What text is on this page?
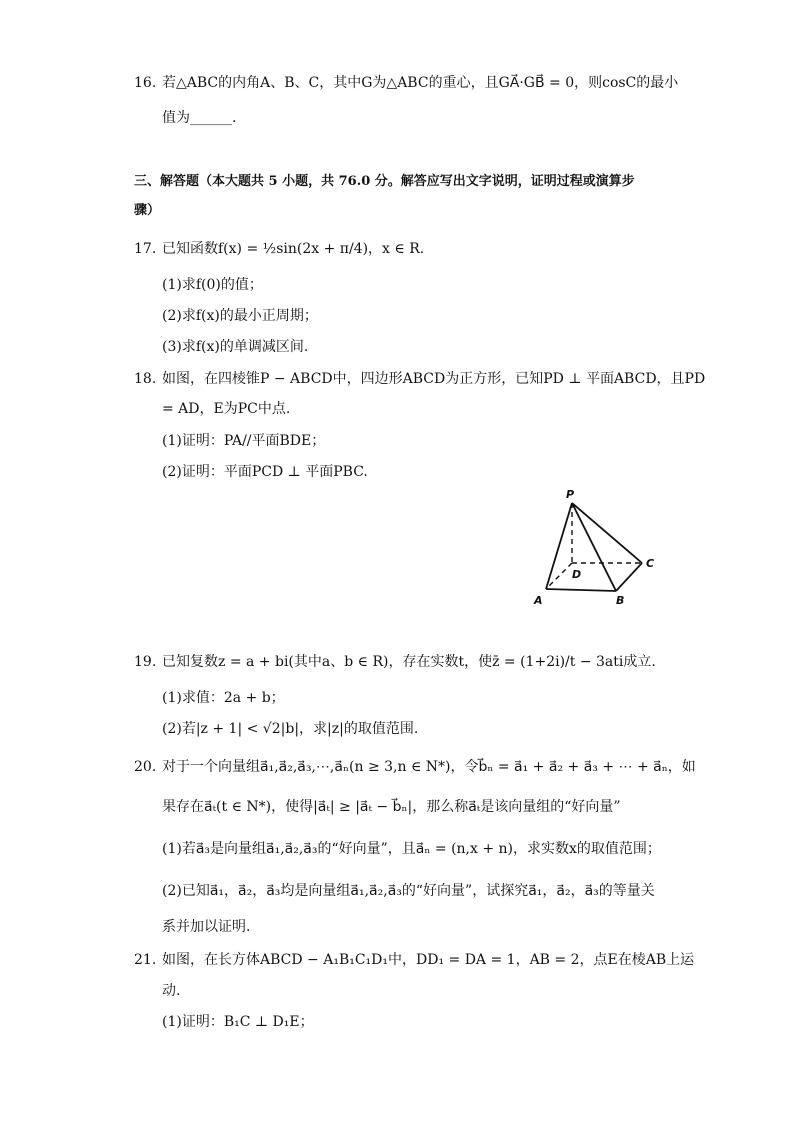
16. 若△ABC的内角A、B、C，其中G为△ABC的重心，且GA⃗·GB⃗ = 0，则cosC的最小
值为______.
三、解答题（本大题共 5 小题，共 76.0 分。解答应写出文字说明，证明过程或演算步
骤）
17. 已知函数f(x) = ½sin(2x + π/4)，x ∈ R.
(1)求f(0)的值；
(2)求f(x)的最小正周期；
(3)求f(x)的单调减区间.
18. 如图，在四棱锥P − ABCD中，四边形ABCD为正方形，已知PD ⊥ 平面ABCD，且PD
= AD，E为PC中点.
(1)证明：PA//平面BDE；
(2)证明：平面PCD ⊥ 平面PBC.
P
A	B
C
D
19. 已知复数z = a + bi(其中a、b ∈ R)，存在实数t，使z̄ = (1+2i)/t − 3ati成立.
(1)求值：2a + b；
(2)若|z + 1| < √2|b|，求|z|的取值范围.
20. 对于一个向量组a⃗₁,a⃗₂,a⃗₃,⋯,a⃗ₙ(n ≥ 3,n ∈ N*)，令b⃗ₙ = a⃗₁ + a⃗₂ + a⃗₃ + ⋯ + a⃗ₙ，如
果存在a⃗ₜ(t ∈ N*)，使得|a⃗ₜ| ≥ |a⃗ₜ − b⃗ₙ|，那么称a⃗ₜ是该向量组的“好向量”
(1)若a⃗₃是向量组a⃗₁,a⃗₂,a⃗₃的“好向量”，且a⃗ₙ = (n,x + n)，求实数x的取值范围；
(2)已知a⃗₁，a⃗₂，a⃗₃均是向量组a⃗₁,a⃗₂,a⃗₃的“好向量”，试探究a⃗₁，a⃗₂，a⃗₃的等量关
系并加以证明.
21. 如图，在长方体ABCD − A₁B₁C₁D₁中，DD₁ = DA = 1，AB = 2，点E在棱AB上运
动.
(1)证明：B₁C ⊥ D₁E；
